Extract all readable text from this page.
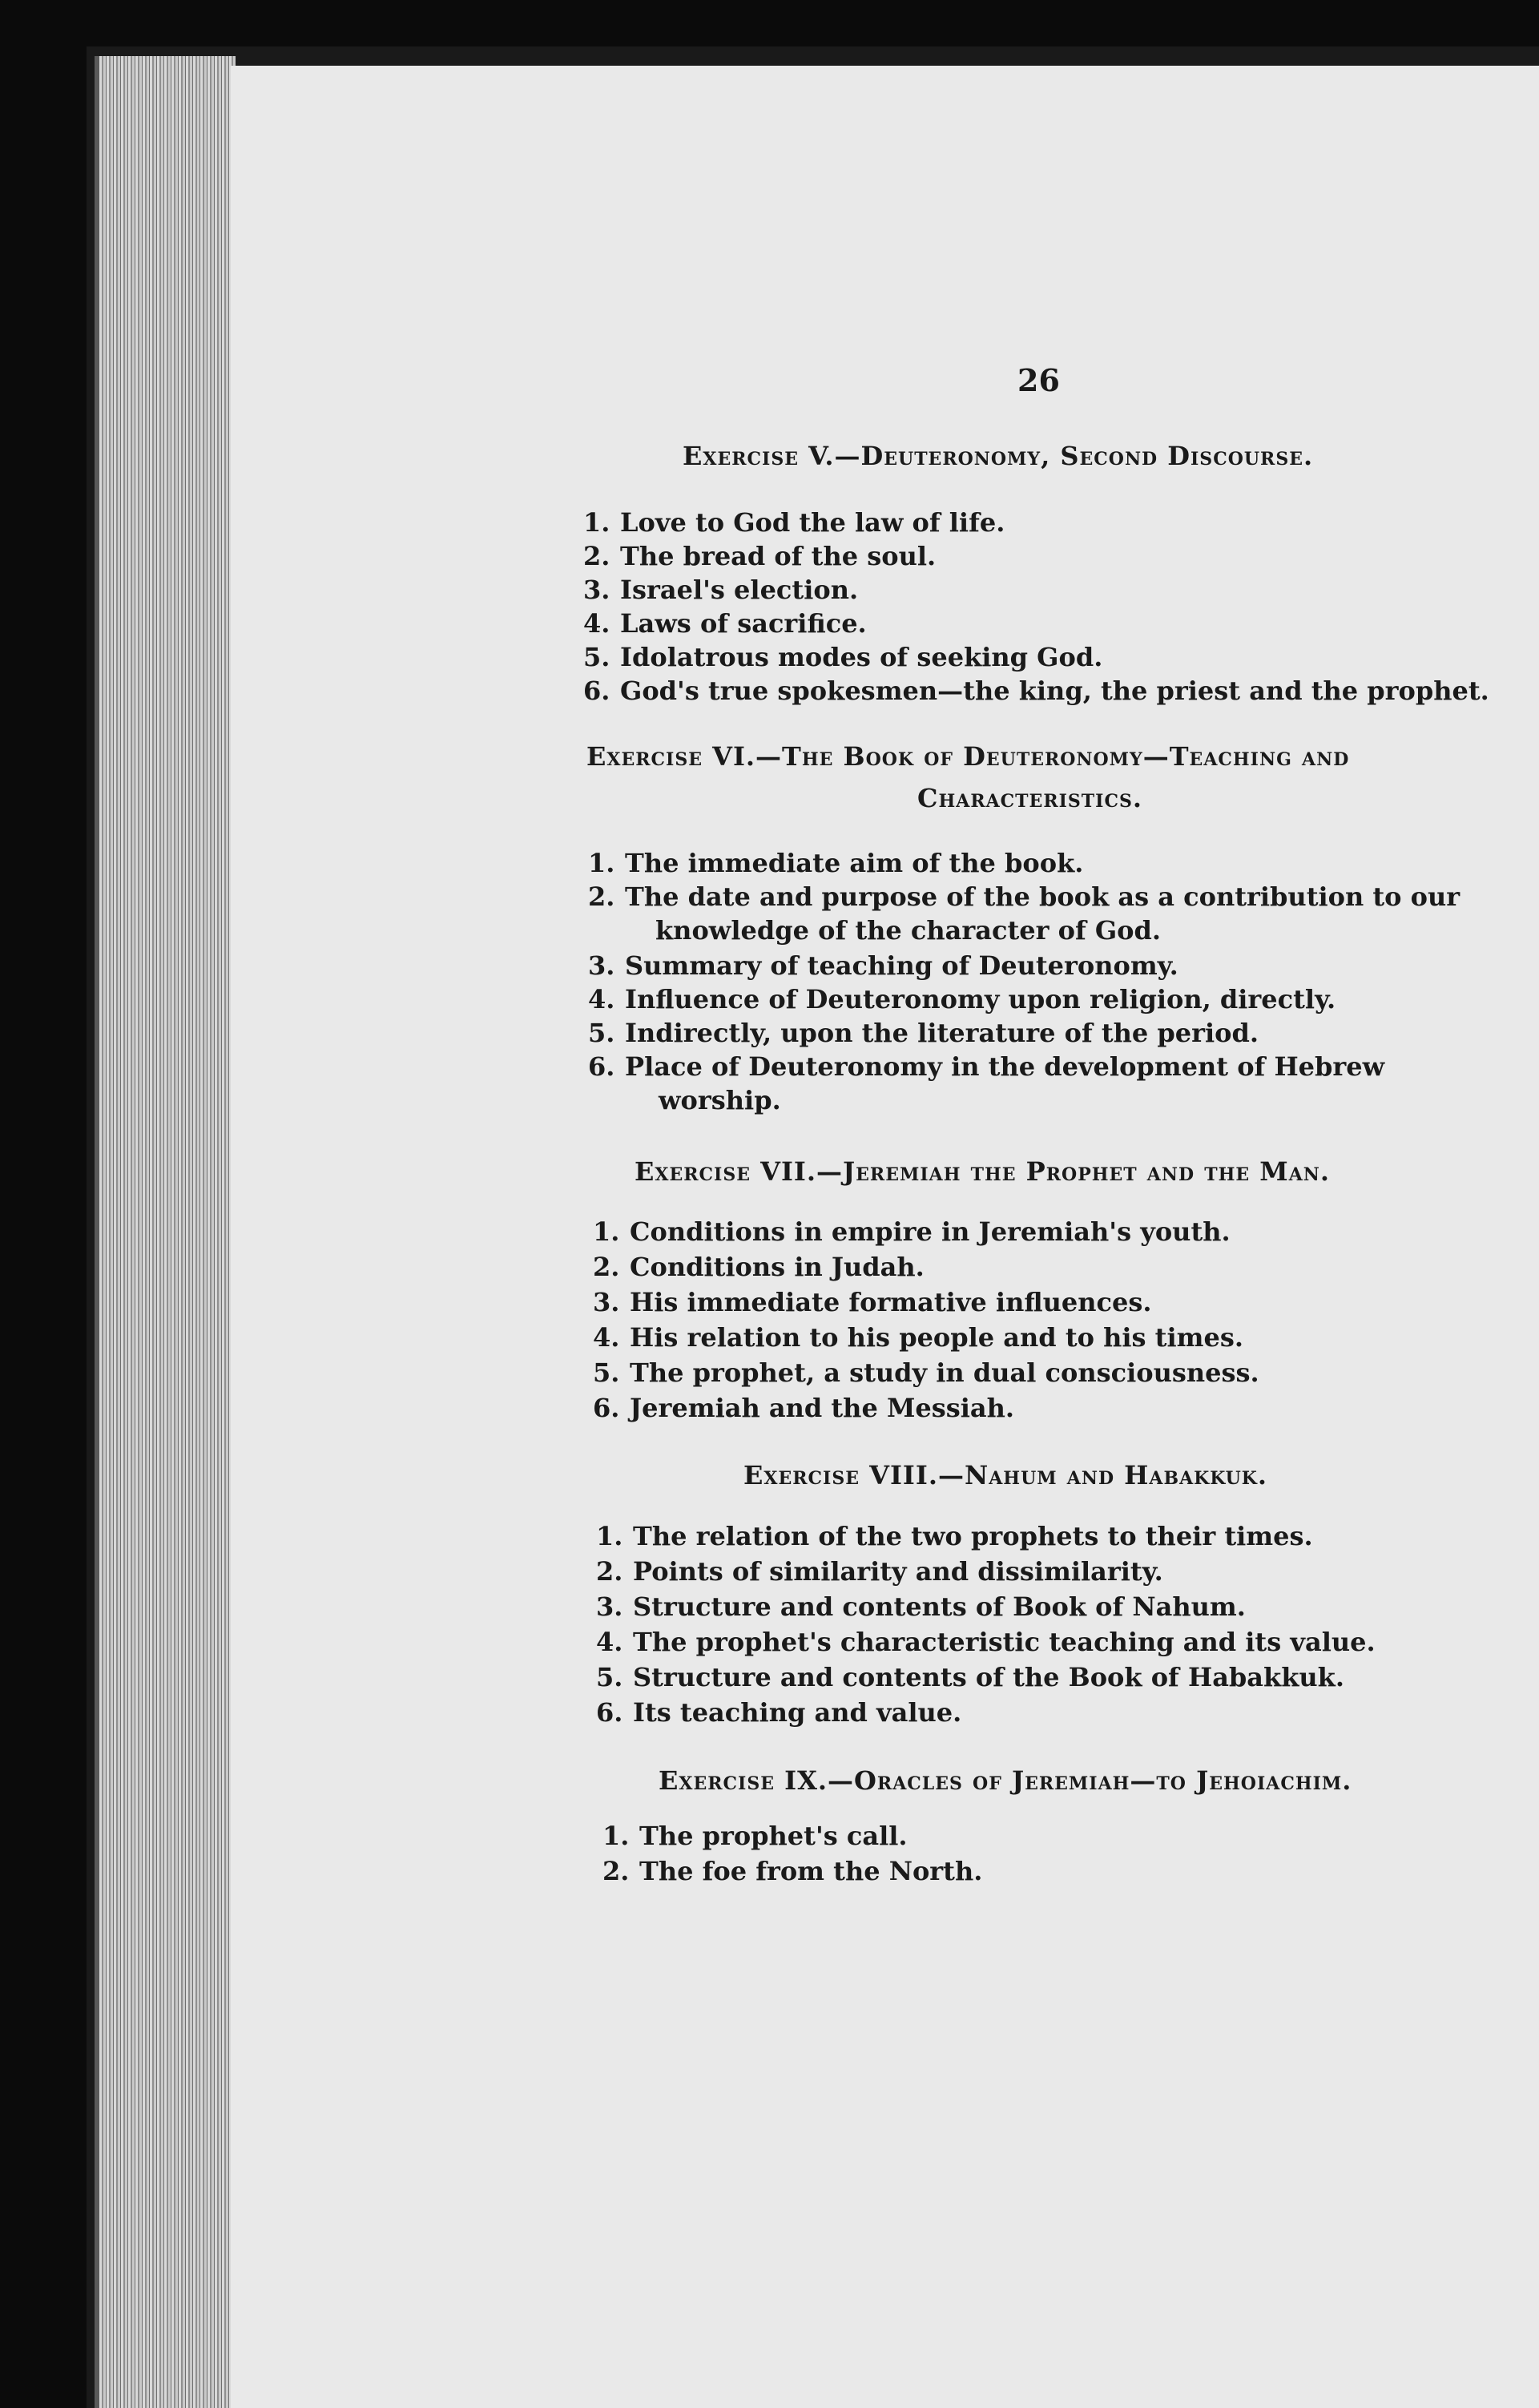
26
Exercise V.—Deuteronomy, Second Discourse.
1. Love to God the law of life.
2. The bread of the soul.
3. Israel's election.
4. Laws of sacrifice.
5. Idolatrous modes of seeking God.
6. God's true spokesmen—the king, the priest and the prophet.
Exercise VI.—The Book of Deuteronomy—Teaching and
Characteristics.
1. The immediate aim of the book.
2. The date and purpose of the book as a contribution to our
knowledge of the character of God.
3. Summary of teaching of Deuteronomy.
4. Influence of Deuteronomy upon religion, directly.
5. Indirectly, upon the literature of the period.
6. Place of Deuteronomy in the development of Hebrew
worship.
Exercise VII.—Jeremiah the Prophet and the Man.
1. Conditions in empire in Jeremiah's youth.
2. Conditions in Judah.
3. His immediate formative influences.
4. His relation to his people and to his times.
5. The prophet, a study in dual consciousness.
6. Jeremiah and the Messiah.
Exercise VIII.—Nahum and Habakkuk.
1. The relation of the two prophets to their times.
2. Points of similarity and dissimilarity.
3. Structure and contents of Book of Nahum.
4. The prophet's characteristic teaching and its value.
5. Structure and contents of the Book of Habakkuk.
6. Its teaching and value.
Exercise IX.—Oracles of Jeremiah—to Jehoiachim.
1. The prophet's call.
2. The foe from the North.
